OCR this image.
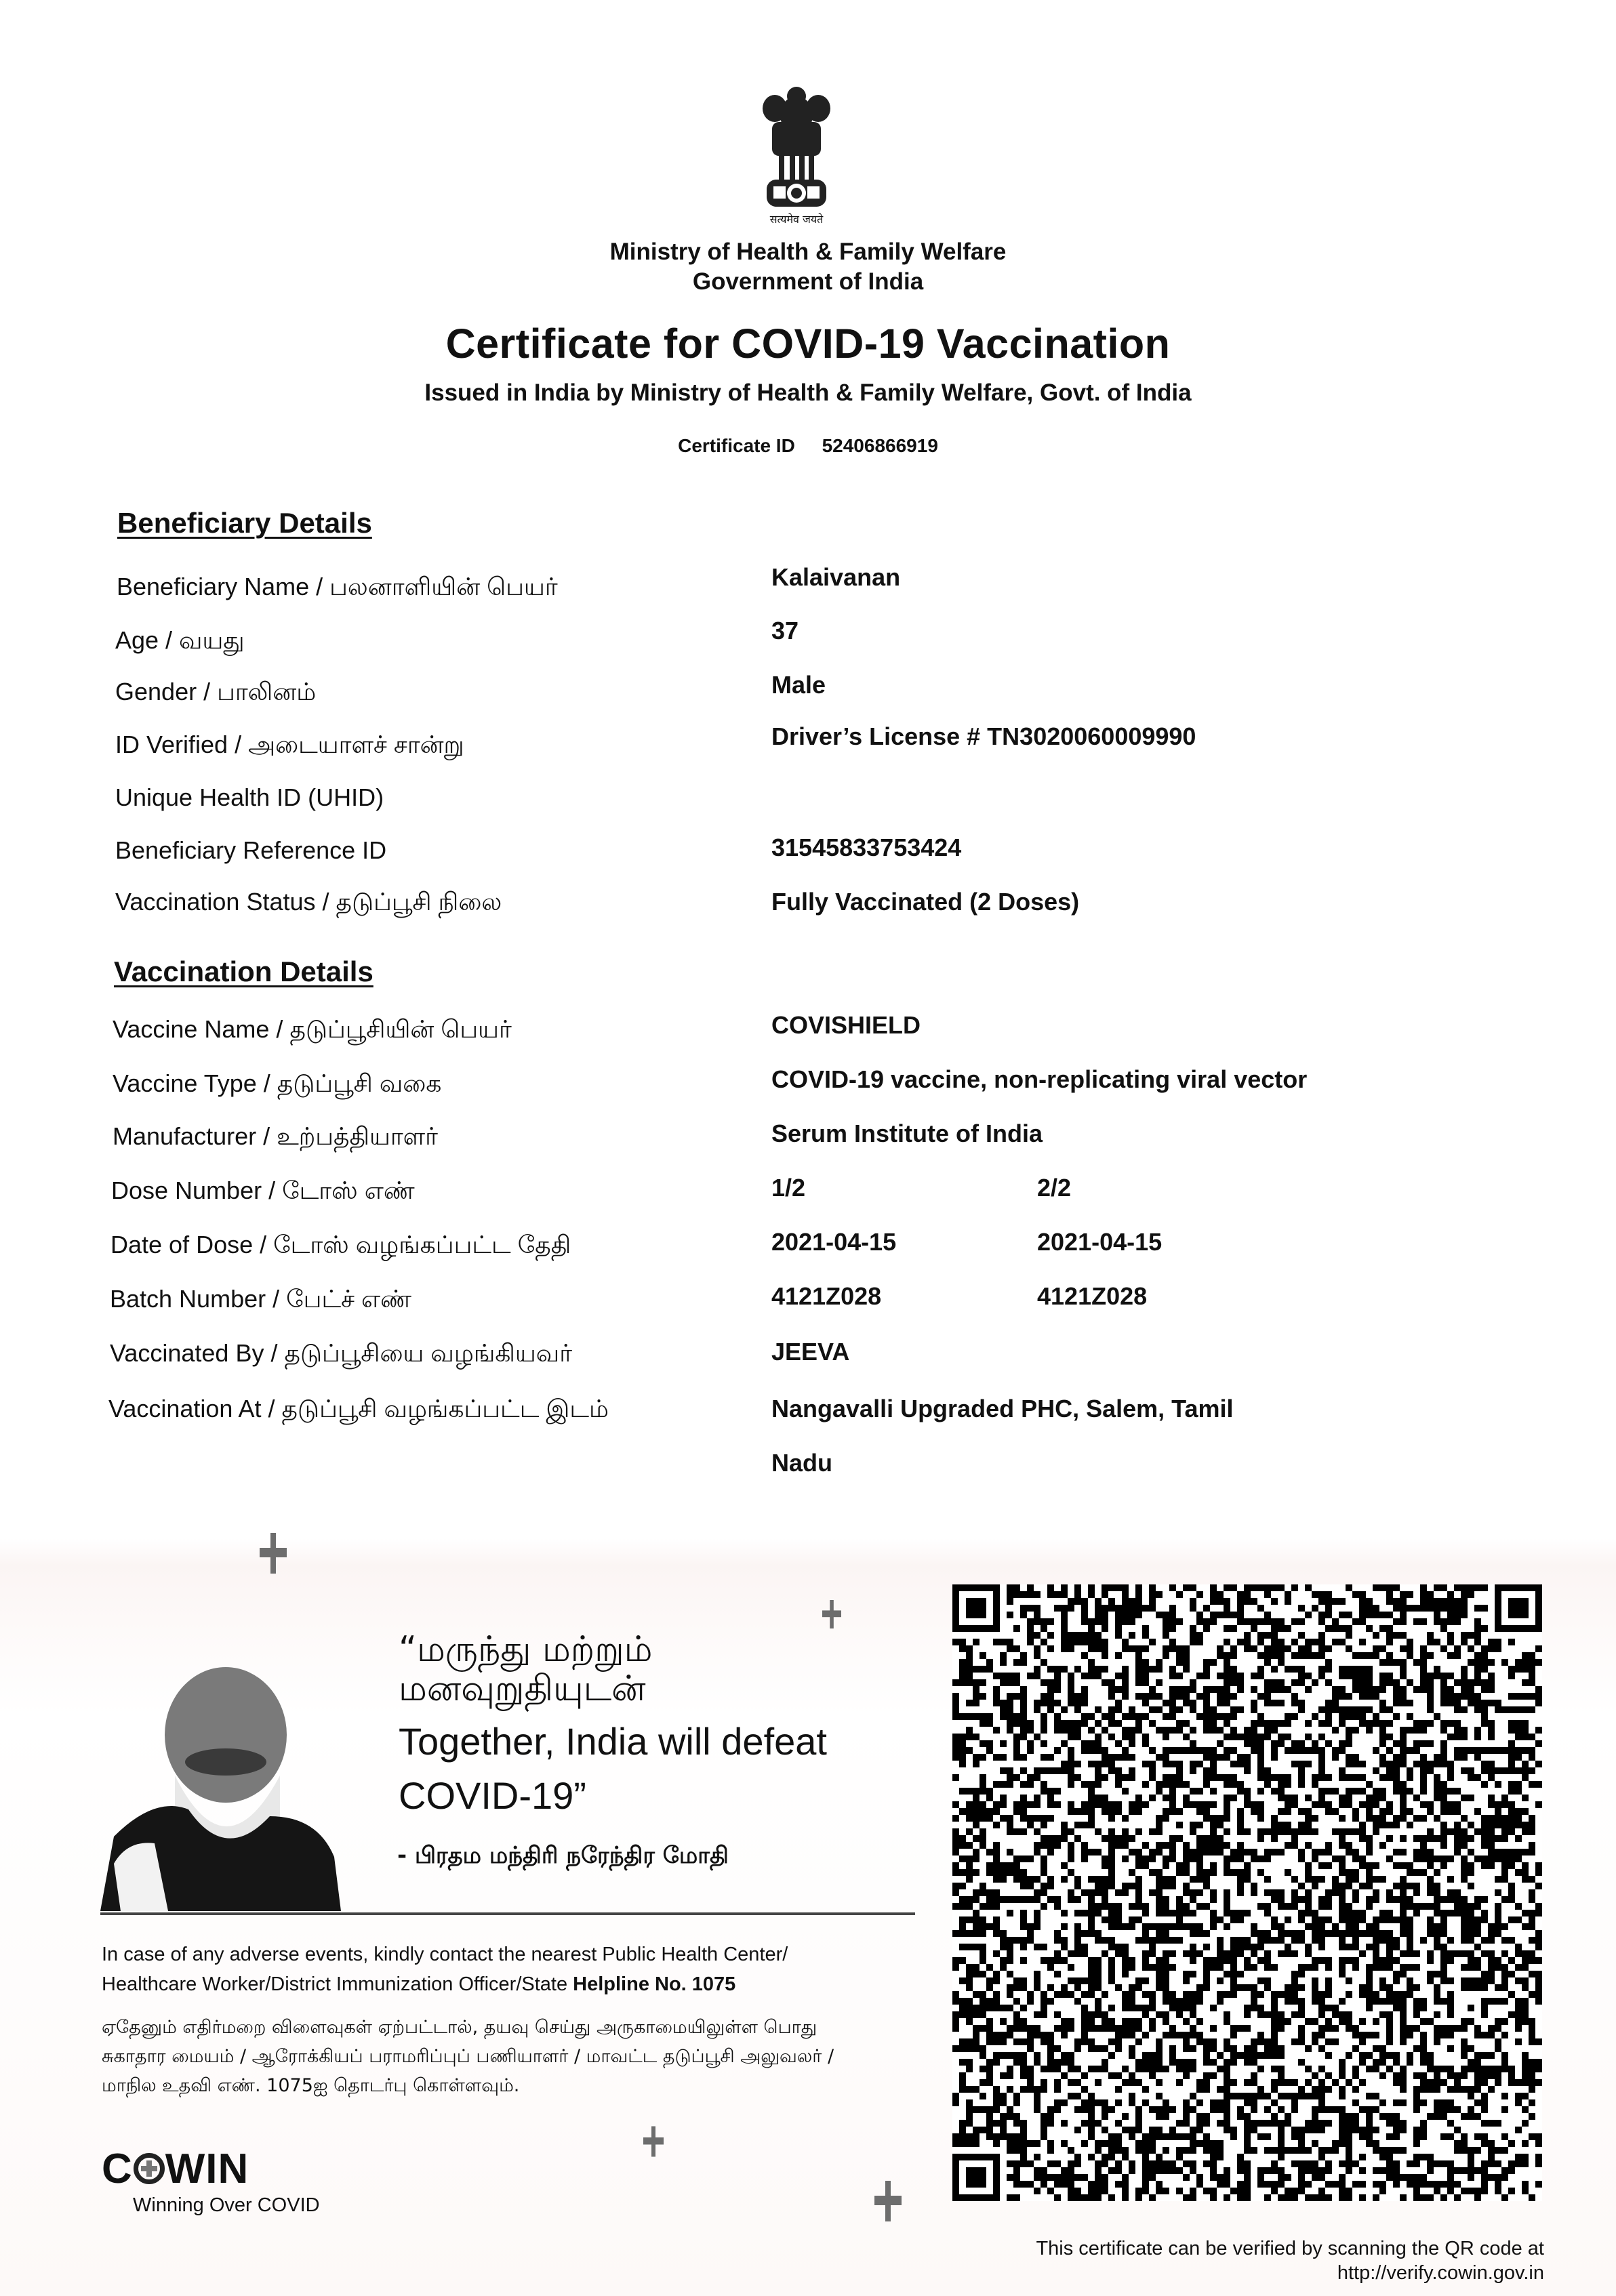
सत्यमेव जयते
Ministry of Health & Family Welfare
Government of India
Certificate for COVID-19 Vaccination
Issued in India by Ministry of Health & Family Welfare, Govt. of India
Certificate ID 52406866919
Beneficiary Details
Beneficiary Name / பலனாளியின் பெயர்	Kalaivanan
Age / வயது	37
Gender / பாலினம்	Male
ID Verified / அடையாளச் சான்று	Driver’s License # TN3020060009990
Unique Health ID (UHID)
Beneficiary Reference ID	31545833753424
Vaccination Status / தடுப்பூசி நிலை	Fully Vaccinated (2 Doses)
Vaccination Details
Vaccine Name / தடுப்பூசியின் பெயர்	COVISHIELD
Vaccine Type / தடுப்பூசி வகை	COVID-19 vaccine, non-replicating viral vector
Manufacturer / உற்பத்தியாளர்	Serum Institute of India
Dose Number / டோஸ் எண்	1/2	2/2
Date of Dose / டோஸ் வழங்கப்பட்ட தேதி	2021-04-15	2021-04-15
Batch Number / பேட்ச் எண்	4121Z028	4121Z028
Vaccinated By / தடுப்பூசியை வழங்கியவர்	JEEVA
Vaccination At / தடுப்பூசி வழங்கப்பட்ட இடம்	Nangavalli Upgraded PHC, Salem, Tamil
Nadu
“மருந்து மற்றும்
மனவுறுதியுடன்
Together, India will defeat
COVID-19”
- பிரதம மந்திரி நரேந்திர மோதி
In case of any adverse events, kindly contact the nearest Public Health Center/
Healthcare Worker/District Immunization Officer/State Helpline No. 1075
ஏதேனும் எதிர்மறை விளைவுகள் ஏற்பட்டால், தயவு செய்து அருகாமையிலுள்ள பொது
சுகாதார மையம் / ஆரோக்கியப் பராமரிப்புப் பணியாளர் / மாவட்ட தடுப்பூசி அலுவலர் /
மாநில உதவி எண். 1075ஐ தொடர்பு கொள்ளவும்.
C WIN
Winning Over COVID
This certificate can be verified by scanning the QR code at
http://verify.cowin.gov.in
